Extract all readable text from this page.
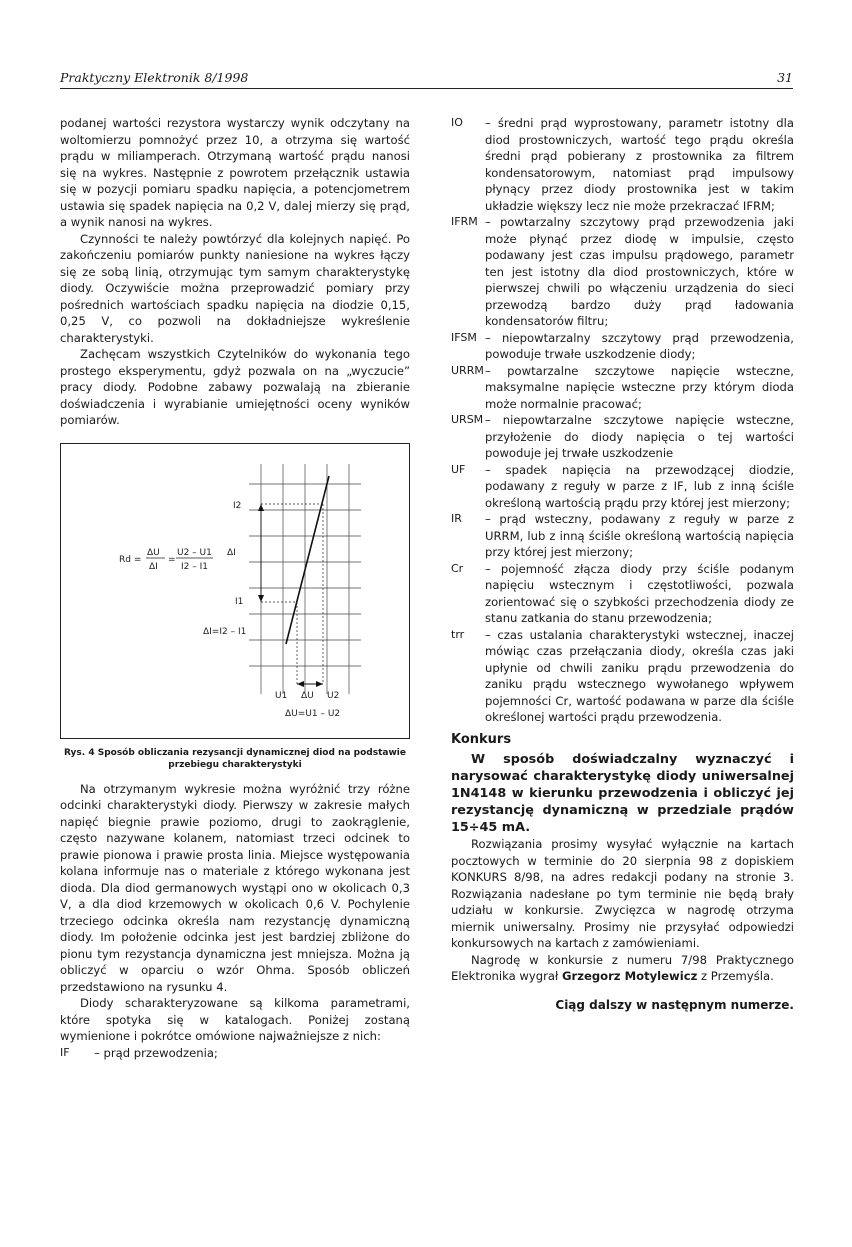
Praktyczny Elektronik 8/1998	31

podanej wartości rezystora wystarczy wynik odczytany na woltomierzu pomnożyć przez 10, a otrzyma się wartość prądu w miliamperach. Otrzymaną wartość prądu nanosi się na wykres. Następnie z powrotem przełącznik ustawia się w pozycji pomiaru spadku napięcia, a potencjometrem ustawia się spadek napięcia na 0,2 V, dalej mierzy się prąd, a wynik nanosi na wykres.

Czynności te należy powtórzyć dla kolejnych napięć. Po zakończeniu pomiarów punkty naniesione na wykres łączy się ze sobą linią, otrzymując tym samym charakterystykę diody. Oczywiście można przeprowadzić pomiary przy pośrednich wartościach spadku napięcia na diodzie 0,15, 0,25 V, co pozwoli na dokładniejsze wykreślenie charakterystyki.

Zachęcam wszystkich Czytelników do wykonania tego prostego eksperymentu, gdyż pozwala on na „wyczucie” pracy diody. Podobne zabawy pozwalają na zbieranie doświadczenia i wyrabianie umiejętności oceny wyników pomiarów.

Rd =
ΔU
ΔI
=
U2 – U1
I2 – I1
ΔI
I2
I1
ΔI=I2 – I1
U1 ΔU U2
ΔU=U1 – U2
Rys. 4 Sposób obliczania rezysancji dynamicznej diod na podstawie przebiegu charakterystyki

Na otrzymanym wykresie można wyróżnić trzy różne odcinki charakterystyki diody. Pierwszy w zakresie małych napięć biegnie prawie poziomo, drugi to zaokrąglenie, często nazywane kolanem, natomiast trzeci odcinek to prawie pionowa i prawie prosta linia. Miejsce występowania kolana informuje nas o materiale z którego wykonana jest dioda. Dla diod germanowych wystąpi ono w okolicach 0,3 V, a dla diod krzemowych w okolicach 0,6 V. Pochylenie trzeciego odcinka określa nam rezystancję dynamiczną diody. Im położenie odcinka jest jest bardziej zbliżone do pionu tym rezystancja dynamiczna jest mniejsza. Można ją obliczyć w oparciu o wzór Ohma. Sposób obliczeń przedstawiono na rysunku 4.

Diody scharakteryzowane są kilkoma parametrami, które spotyka się w katalogach. Poniżej zostaną wymienione i pokrótce omówione najważniejsze z nich:

IF	– prąd przewodzenia;
IO	– średni prąd wyprostowany, parametr istotny dla diod prostowniczych, wartość tego prądu określa średni prąd pobierany z prostownika za filtrem kondensatorowym, natomiast prąd impulsowy płynący przez diody prostownika jest w takim układzie większy lecz nie może przekraczać IFRM;
IFRM – powtarzalny szczytowy prąd przewodzenia jaki może płynąć przez diodę w impulsie, często podawany jest czas impulsu prądowego, parametr ten jest istotny dla diod prostowniczych, które w pierwszej chwili po włączeniu urządzenia do sieci przewodzą bardzo duży prąd ładowania kondensatorów filtru;
IFSM – niepowtarzalny szczytowy prąd przewodzenia, powoduje trwałe uszkodzenie diody;
URRM – powtarzalne szczytowe napięcie wsteczne, maksymalne napięcie wsteczne przy którym dioda może normalnie pracować;
URSM – niepowtarzalne szczytowe napięcie wsteczne, przyłożenie do diody napięcia o tej wartości powoduje jej trwałe uszkodzenie
UF	– spadek napięcia na przewodzącej diodzie, podawany z reguły w parze z IF, lub z inną ściśle określoną wartością prądu przy której jest mierzony;
IR	– prąd wsteczny, podawany z reguły w parze z URRM, lub z inną ściśle określoną wartością napięcia przy której jest mierzony;
Cr	– pojemność złącza diody przy ściśle podanym napięciu wstecznym i częstotliwości, pozwala zorientować się o szybkości przechodzenia diody ze stanu zatkania do stanu przewodzenia;
trr	– czas ustalania charakterystyki wstecznej, inaczej mówiąc czas przełączania diody, określa czas jaki upłynie od chwili zaniku prądu przewodzenia do zaniku prądu wstecznego wywołanego wpływem pojemności Cr, wartość podawana w parze dla ściśle określonej wartości prądu przewodzenia.
Konkurs

W sposób doświadczalny wyznaczyć i narysować charakterystykę diody uniwersalnej 1N4148 w kierunku przewodzenia i obliczyć jej rezystancję dynamiczną w przedziale prądów 15÷45 mA.

Rozwiązania prosimy wysyłać wyłącznie na kartach pocztowych w terminie do 20 sierpnia 98 z dopiskiem KONKURS 8/98, na adres redakcji podany na stronie 3. Rozwiązania nadesłane po tym terminie nie będą brały udziału w konkursie. Zwycięzca w nagrodę otrzyma miernik uniwersalny. Prosimy nie przysyłać odpowiedzi konkursowych na kartach z zamówieniami.

Nagrodę w konkursie z numeru 7/98 Praktycznego Elektronika wygrał Grzegorz Motylewicz z Przemyśla.

Ciąg dalszy w następnym numerze.
